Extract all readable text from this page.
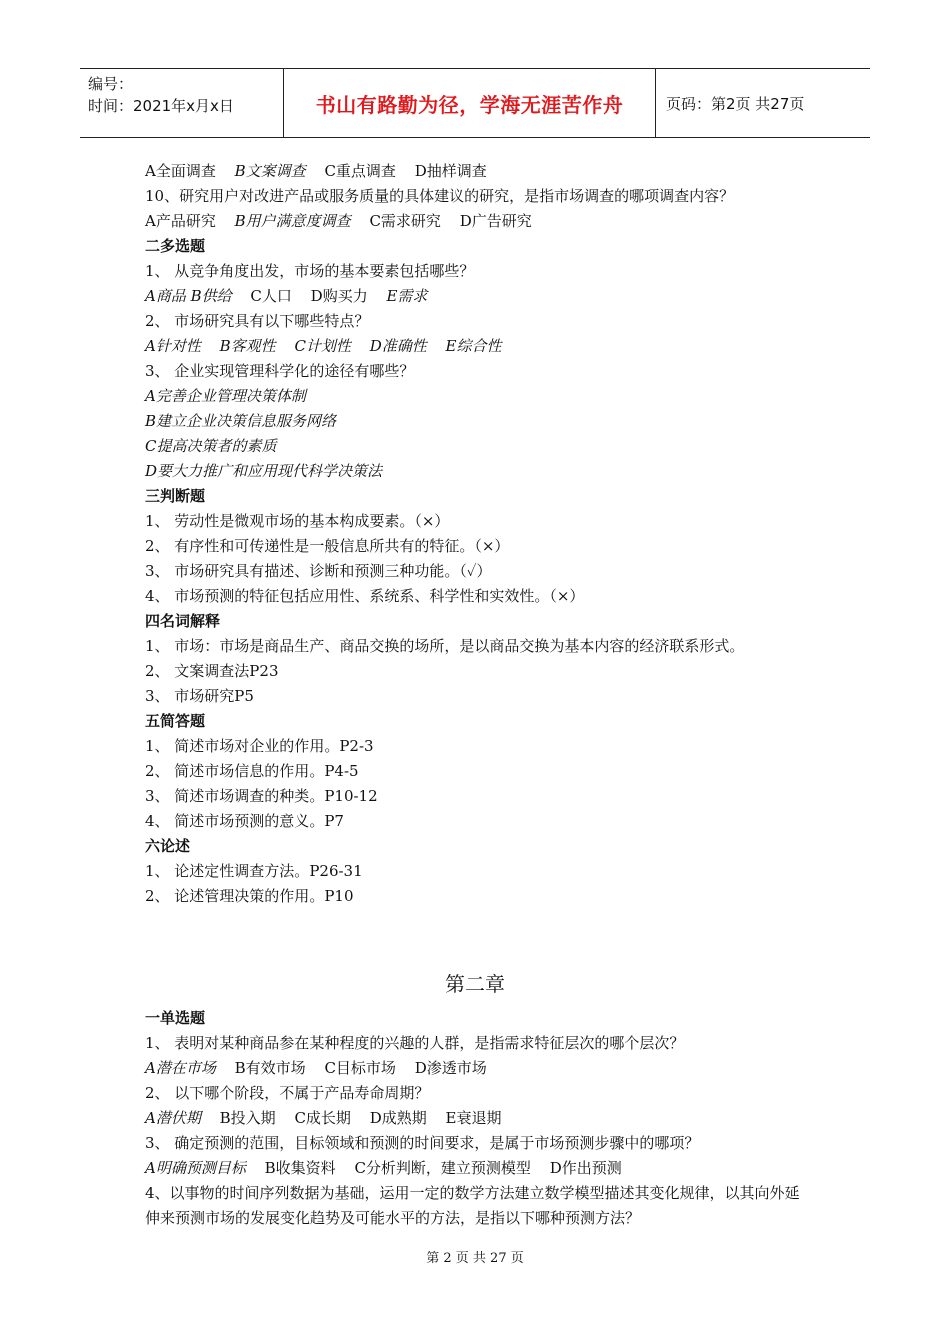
编号：
时间：2021年x月x日	书山有路勤为径，学海无涯苦作舟	页码：第2页 共27页
A全面调查 B文案调查 C重点调查 D抽样调查
10、研究用户对改进产品或服务质量的具体建议的研究，是指市场调查的哪项调查内容？
A产品研究 B用户满意度调查 C需求研究 D广告研究
二多选题
1、 从竞争角度出发，市场的基本要素包括哪些？
A商品 B供给 C人口 D购买力 E需求
2、 市场研究具有以下哪些特点？
A针对性 B客观性 C计划性 D准确性 E综合性
3、 企业实现管理科学化的途径有哪些？
A完善企业管理决策体制
B建立企业决策信息服务网络
C提高决策者的素质
D要大力推广和应用现代科学决策法
三判断题
1、 劳动性是微观市场的基本构成要素。（×）
2、 有序性和可传递性是一般信息所共有的特征。（×）
3、 市场研究具有描述、诊断和预测三种功能。（✓）
4、 市场预测的特征包括应用性、系统系、科学性和实效性。（×）
四名词解释
1、 市场：市场是商品生产、商品交换的场所，是以商品交换为基本内容的经济联系形式。
2、 文案调查法P23
3、 市场研究P5
五简答题
1、 简述市场对企业的作用。P2-3
2、 简述市场信息的作用。P4-5
3、 简述市场调查的种类。P10-12
4、 简述市场预测的意义。P7
六论述
1、 论述定性调查方法。P26-31
2、 论述管理决策的作用。P10
第二章
一单选题
1、 表明对某种商品参在某种程度的兴趣的人群，是指需求特征层次的哪个层次？
A潜在市场 B有效市场 C目标市场 D渗透市场
2、 以下哪个阶段，不属于产品寿命周期？
A潜伏期 B投入期 C成长期 D成熟期 E衰退期
3、 确定预测的范围，目标领域和预测的时间要求，是属于市场预测步骤中的哪项？
A明确预测目标 B收集资料 C分析判断，建立预测模型 D作出预测
4、以事物的时间序列数据为基础，运用一定的数学方法建立数学模型描述其变化规律，以其向外延伸来预测市场的发展变化趋势及可能水平的方法，是指以下哪种预测方法？
第 2 页 共 27 页
